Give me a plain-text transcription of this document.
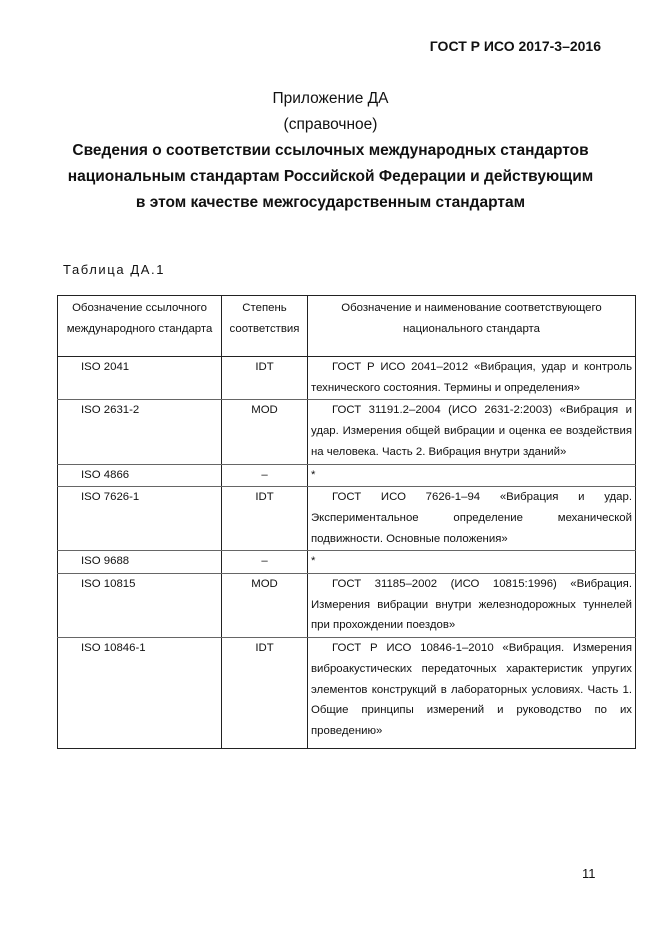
ГОСТ Р ИСО 2017-3–2016
Приложение ДА
(справочное)
Сведения о соответствии ссылочных международных стандартов
национальным стандартам Российской Федерации и действующим
в этом качестве межгосударственным стандартам
Таблица ДА.1
Обозначение ссылочного международного стандарта	Степень соответствия	Обозначение и наименование соответствующего национального стандарта
ISO 2041	IDT	ГОСТ Р ИСО 2041–2012 «Вибрация, удар и контроль технического состояния. Термины и определения»
ISO 2631-2	MOD	ГОСТ 31191.2–2004 (ИСО 2631-2:2003) «Вибрация и удар. Измерения общей вибрации и оценка ее воздействия на человека. Часть 2. Вибрация внутри зданий»
ISO 4866	–	*
ISO 7626-1	IDT	ГОСТ ИСО 7626-1–94 «Вибрация и удар. Экспериментальное определение механической подвижности. Основные положения»
ISO 9688	–	*
ISO 10815	MOD	ГОСТ 31185–2002 (ИСО 10815:1996) «Вибрация. Измерения вибрации внутри железнодорожных туннелей при прохождении поездов»
ISO 10846-1	IDT	ГОСТ Р ИСО 10846-1–2010 «Вибрация. Измерения виброакустических передаточных характеристик упругих элементов конструкций в лабораторных условиях. Часть 1. Общие принципы измерений и руководство по их проведению»
11
